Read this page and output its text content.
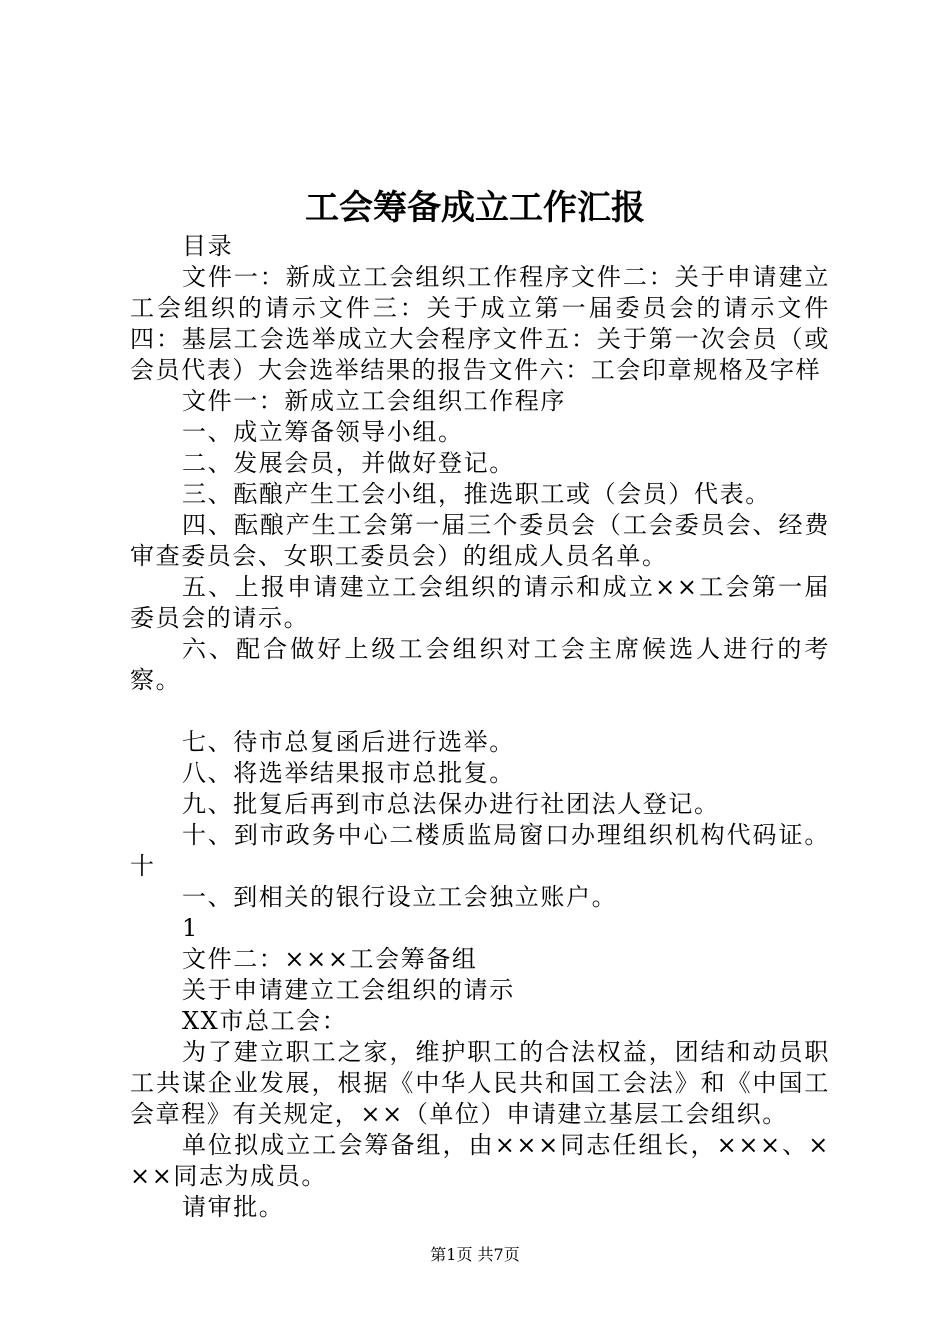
工会筹备成立工作汇报

目录

文件一：新成立工会组织工作程序文件二：关于申请建立工会组织的请示文件三：关于成立第一届委员会的请示文件四：基层工会选举成立大会程序文件五：关于第一次会员（或会员代表）大会选举结果的报告文件六：工会印章规格及字样

文件一：新成立工会组织工作程序

一、成立筹备领导小组。

二、发展会员，并做好登记。

三、酝酿产生工会小组，推选职工或（会员）代表。

四、酝酿产生工会第一届三个委员会（工会委员会、经费审查委员会、女职工委员会）的组成人员名单。

五、上报申请建立工会组织的请示和成立××工会第一届委员会的请示。

六、配合做好上级工会组织对工会主席候选人进行的考察。

七、待市总复函后进行选举。

八、将选举结果报市总批复。

九、批复后再到市总法保办进行社团法人登记。

十、到市政务中心二楼质监局窗口办理组织机构代码证。十

一、到相关的银行设立工会独立账户。

1

文件二：×××工会筹备组

关于申请建立工会组织的请示

XX市总工会：

为了建立职工之家，维护职工的合法权益，团结和动员职工共谋企业发展，根据《中华人民共和国工会法》和《中国工会章程》有关规定，××（单位）申请建立基层工会组织。

单位拟成立工会筹备组，由×××同志任组长，×××、×××同志为成员。

请审批。

第1页 共7页
